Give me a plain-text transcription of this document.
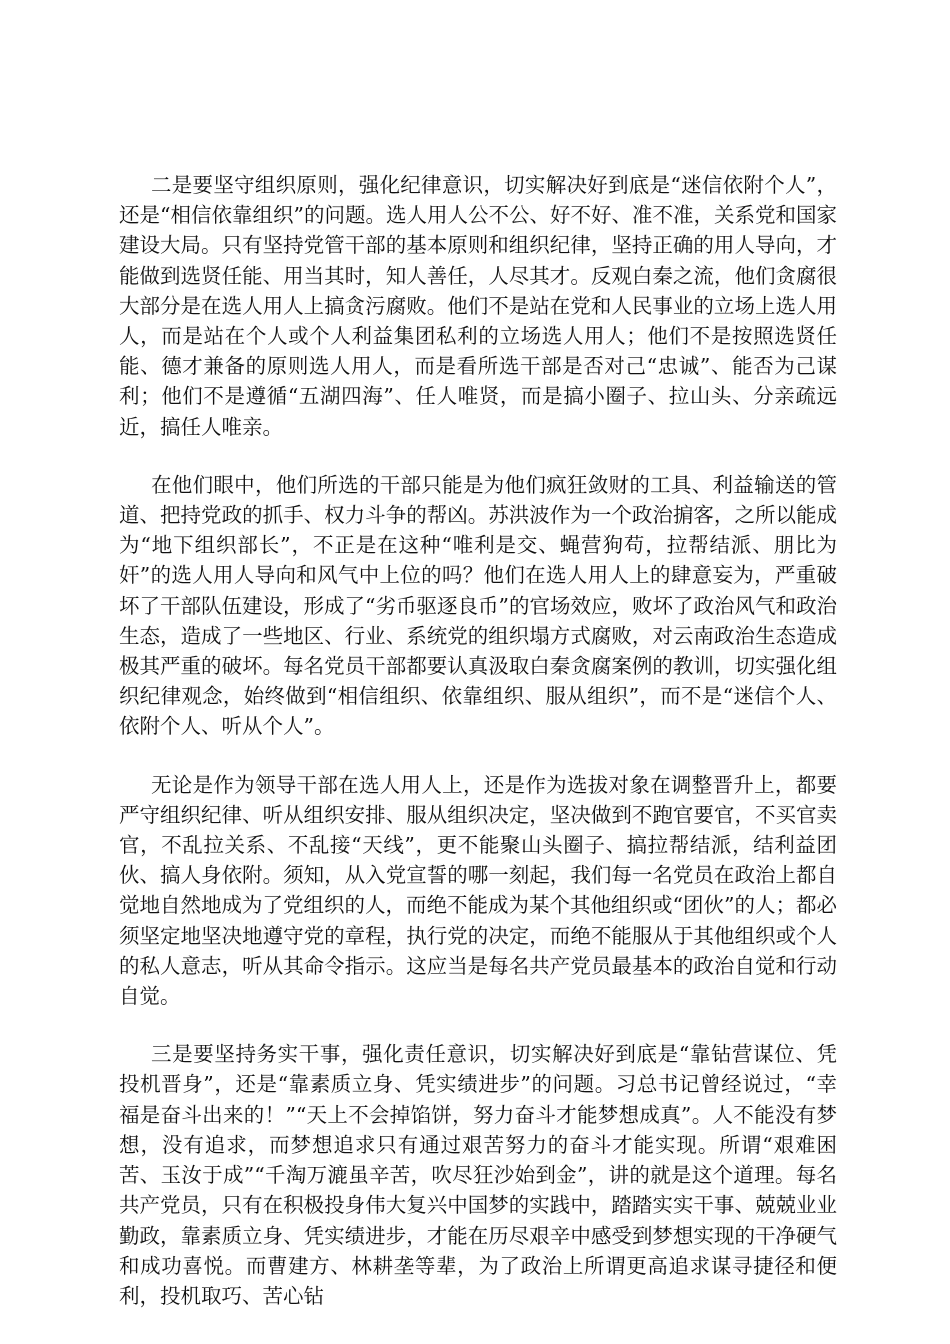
二是要坚守组织原则，强化纪律意识，切实解决好到底是“迷信依附个人”，还是“相信依靠组织”的问题。选人用人公不公、好不好、准不准，关系党和国家建设大局。只有坚持党管干部的基本原则和组织纪律，坚持正确的用人导向，才能做到选贤任能、用当其时，知人善任，人尽其才。反观白秦之流，他们贪腐很大部分是在选人用人上搞贪污腐败。他们不是站在党和人民事业的立场上选人用人，而是站在个人或个人利益集团私利的立场选人用人；他们不是按照选贤任能、德才兼备的原则选人用人，而是看所选干部是否对己“忠诚”、能否为己谋利；他们不是遵循“五湖四海”、任人唯贤，而是搞小圈子、拉山头、分亲疏远近，搞任人唯亲。

在他们眼中，他们所选的干部只能是为他们疯狂敛财的工具、利益输送的管道、把持党政的抓手、权力斗争的帮凶。苏洪波作为一个政治掮客，之所以能成为“地下组织部长”，不正是在这种“唯利是交、蝇营狗苟，拉帮结派、朋比为奸”的选人用人导向和风气中上位的吗？他们在选人用人上的肆意妄为，严重破坏了干部队伍建设，形成了“劣币驱逐良币”的官场效应，败坏了政治风气和政治生态，造成了一些地区、行业、系统党的组织塌方式腐败，对云南政治生态造成极其严重的破坏。每名党员干部都要认真汲取白秦贪腐案例的教训，切实强化组织纪律观念，始终做到“相信组织、依靠组织、服从组织”，而不是“迷信个人、依附个人、听从个人”。

无论是作为领导干部在选人用人上，还是作为选拔对象在调整晋升上，都要严守组织纪律、听从组织安排、服从组织决定，坚决做到不跑官要官，不买官卖官，不乱拉关系、不乱接“天线”，更不能聚山头圈子、搞拉帮结派，结利益团伙、搞人身依附。须知，从入党宣誓的哪一刻起，我们每一名党员在政治上都自觉地自然地成为了党组织的人，而绝不能成为某个其他组织或“团伙”的人；都必须坚定地坚决地遵守党的章程，执行党的决定，而绝不能服从于其他组织或个人的私人意志，听从其命令指示。这应当是每名共产党员最基本的政治自觉和行动自觉。

三是要坚持务实干事，强化责任意识，切实解决好到底是“靠钻营谋位、凭投机晋身”，还是“靠素质立身、凭实绩进步”的问题。习总书记曾经说过，“幸福是奋斗出来的！”“天上不会掉馅饼，努力奋斗才能梦想成真”。人不能没有梦想，没有追求，而梦想追求只有通过艰苦努力的奋斗才能实现。所谓“艰难困苦、玉汝于成”“千淘万漉虽辛苦，吹尽狂沙始到金”，讲的就是这个道理。每名共产党员，只有在积极投身伟大复兴中国梦的实践中，踏踏实实干事、兢兢业业勤政，靠素质立身、凭实绩进步，才能在历尽艰辛中感受到梦想实现的干净硬气和成功喜悦。而曹建方、林耕垄等辈，为了政治上所谓更高追求谋寻捷径和便利，投机取巧、苦心钻
